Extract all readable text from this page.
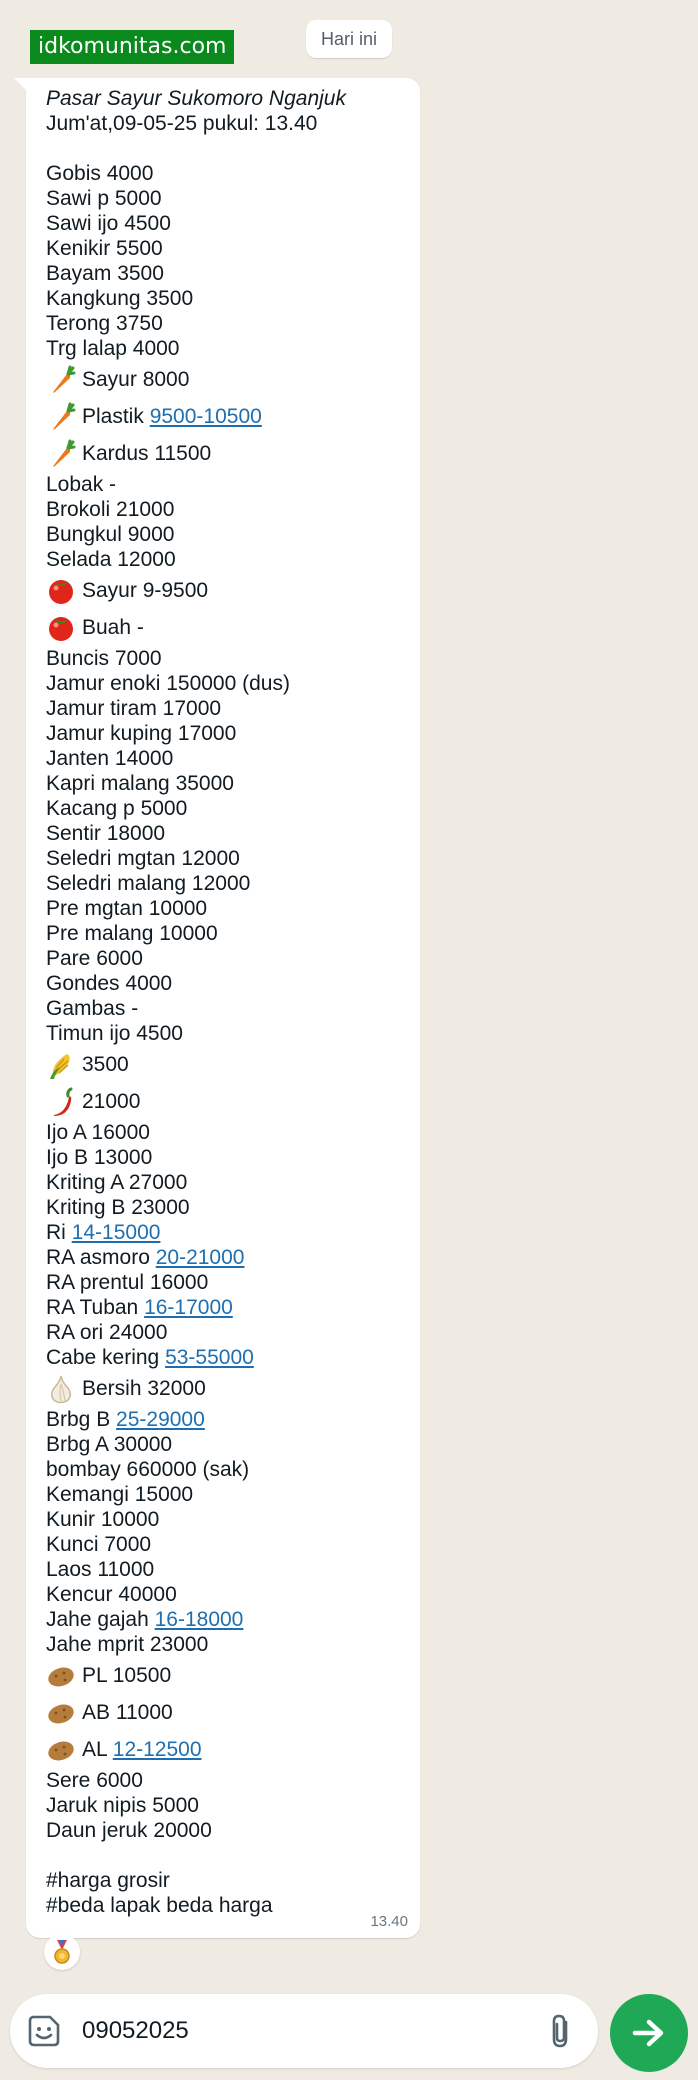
idkomunitas.com	Hari ini
Pasar Sayur Sukomoro Nganjuk
Jum'at,09-05-25 pukul: 13.40
Gobis 4000
Sawi p 5000
Sawi ijo 4500
Kenikir 5500
Bayam 3500
Kangkung 3500
Terong 3750
Trg lalap 4000
Sayur 8000
Plastik 9500-10500
Kardus 11500
Lobak -
Brokoli 21000
Bungkul 9000
Selada 12000
Sayur 9-9500
Buah -
Buncis 7000
Jamur enoki 150000 (dus)
Jamur tiram 17000
Jamur kuping 17000
Janten 14000
Kapri malang 35000
Kacang p 5000
Sentir 18000
Seledri mgtan 12000
Seledri malang 12000
Pre mgtan 10000
Pre malang 10000
Pare 6000
Gondes 4000
Gambas -
Timun ijo 4500
3500
21000
Ijo A 16000
Ijo B 13000
Kriting A 27000
Kriting B 23000
Ri 14-15000
RA asmoro 20-21000
RA prentul 16000
RA Tuban 16-17000
RA ori 24000
Cabe kering 53-55000
Bersih 32000
Brbg B 25-29000
Brbg A 30000
bombay 660000 (sak)
Kemangi 15000
Kunir 10000
Kunci 7000
Laos 11000
Kencur 40000
Jahe gajah 16-18000
Jahe mprit 23000
PL 10500
AB 11000
AL 12-12500
Sere 6000
Jaruk nipis 5000
Daun jeruk 20000
#harga grosir
#beda lapak beda harga
13.40
09052025
